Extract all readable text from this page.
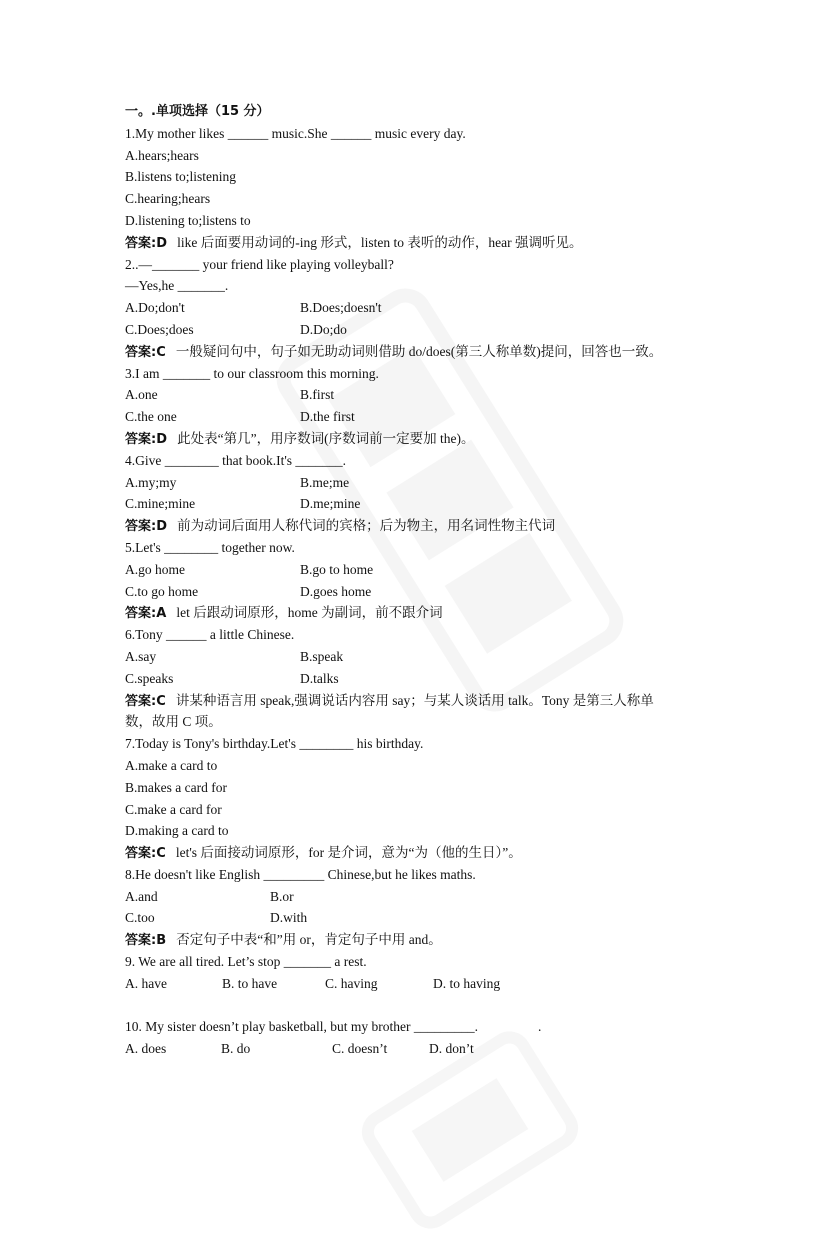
一。.单项选择（15 分）
1.My mother likes ______ music.She ______ music every day.
A.hears;hears
B.listens to;listening
C.hearing;hears
D.listening to;listens to
答案:D like 后面要用动词的-ing 形式，listen to 表听的动作，hear 强调听见。
2..—_______ your friend like playing volleyball?
—Yes,he _______.
A.Do;don't	B.Does;doesn't
C.Does;does	D.Do;do
答案:C 一般疑问句中，句子如无助动词则借助 do/does(第三人称单数)提问，回答也一致。
3.I am _______ to our classroom this morning.
A.one	B.first
C.the one	D.the first
答案:D 此处表“第几”，用序数词(序数词前一定要加 the)。
4.Give ________ that book.It's _______.
A.my;my	B.me;me
C.mine;mine	D.me;mine
答案:D 前为动词后面用人称代词的宾格；后为物主，用名词性物主代词
5.Let's ________ together now.
A.go home	B.go to home
C.to go home	D.goes home
答案:A let 后跟动词原形，home 为副词，前不跟介词
6.Tony ______ a little Chinese.
A.say	B.speak
C.speaks	D.talks
答案:C 讲某种语言用 speak,强调说话内容用 say；与某人谈话用 talk。Tony 是第三人称单
数，故用 C 项。
7.Today is Tony's birthday.Let's ________ his birthday.
A.make a card to
B.makes a card for
C.make a card for
D.making a card to
答案:C let's 后面接动词原形，for 是介词，意为“为（他的生日）”。
8.He doesn't like English _________ Chinese,but he likes maths.
A.and	B.or
C.too	D.with
答案:B 否定句子中表“和”用 or，肯定句子中用 and。
9. We are all tired. Let’s stop _______ a rest.
A. have	B. to have	C. having	D. to having
10. My sister doesn’t play basketball, but my brother _________.	.
A. does	B. do	C. doesn’t	D. don’t
